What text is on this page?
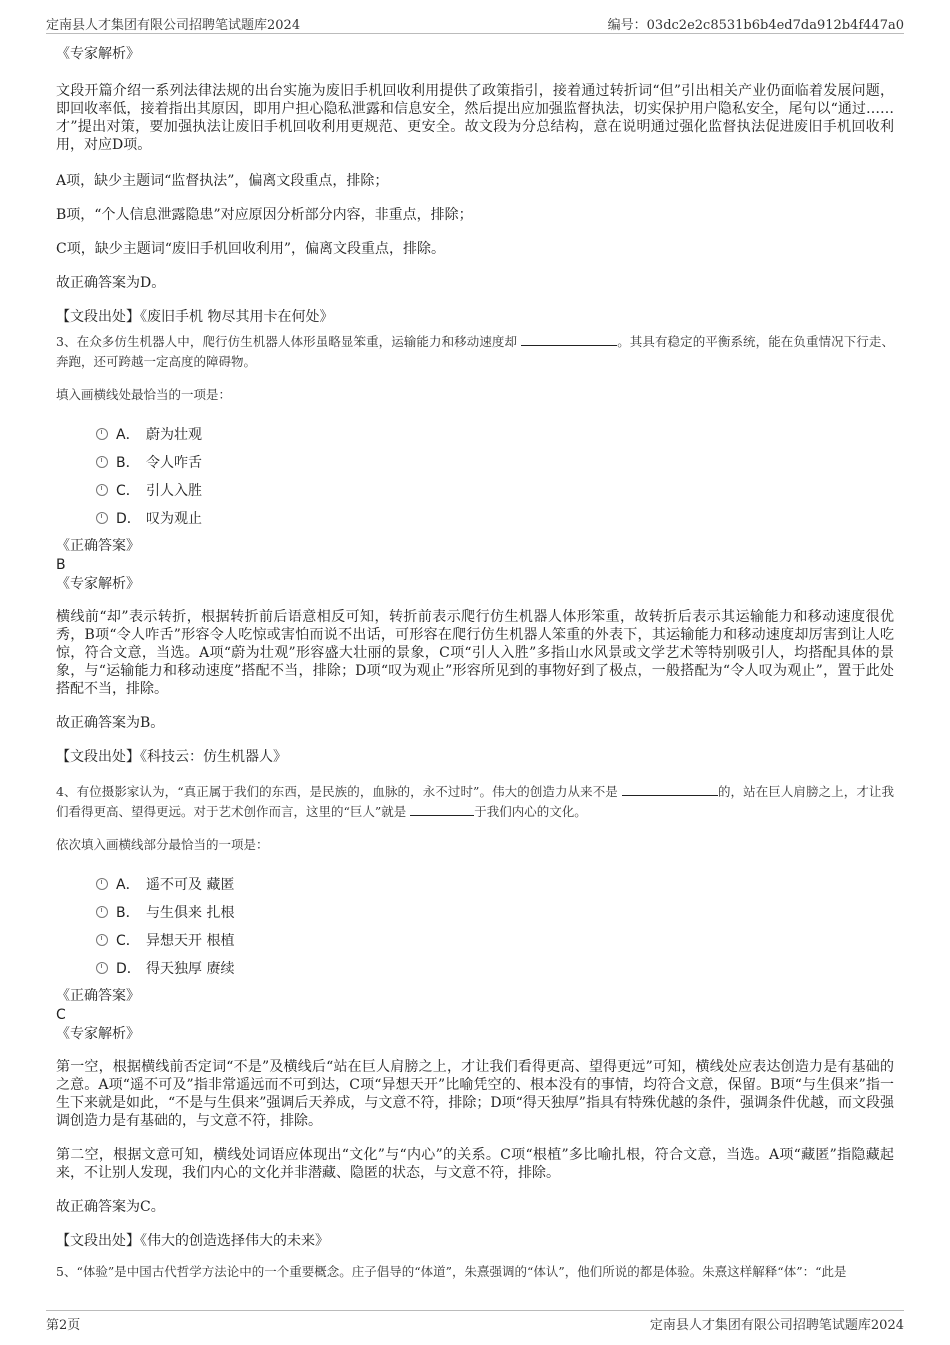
定南县人才集团有限公司招聘笔试题库2024	编号：03dc2e2c8531b6b4ed7da912b4f447a0

《专家解析》

文段开篇介绍一系列法律法规的出台实施为废旧手机回收利用提供了政策指引，接着通过转折词“但”引出相关产业仍面临着发展问题，即回收率低，接着指出其原因，即用户担心隐私泄露和信息安全，然后提出应加强监督执法，切实保护用户隐私安全，尾句以“通过……才”提出对策，要加强执法让废旧手机回收利用更规范、更安全。故文段为分总结构，意在说明通过强化监督执法促进废旧手机回收利用，对应D项。

A项，缺少主题词“监督执法”，偏离文段重点，排除；

B项，“个人信息泄露隐患”对应原因分析部分内容，非重点，排除；

C项，缺少主题词“废旧手机回收利用”，偏离文段重点，排除。

故正确答案为D。

【文段出处】《废旧手机 物尽其用卡在何处》

3、在众多仿生机器人中，爬行仿生机器人体形虽略显笨重，运输能力和移动速度却	。其具有稳定的平衡系统，能在负重情况下行走、奔跑，还可跨越一定高度的障碍物。

填入画横线处最恰当的一项是：

A． 蔚为壮观
B． 令人咋舌
C． 引人入胜
D． 叹为观止

《正确答案》

B

《专家解析》

横线前“却”表示转折，根据转折前后语意相反可知，转折前表示爬行仿生机器人体形笨重，故转折后表示其运输能力和移动速度很优秀，B项“令人咋舌”形容令人吃惊或害怕而说不出话，可形容在爬行仿生机器人笨重的外表下，其运输能力和移动速度却厉害到让人吃惊，符合文意，当选。A项“蔚为壮观”形容盛大壮丽的景象，C项“引人入胜”多指山水风景或文学艺术等特别吸引人，均搭配具体的景象，与“运输能力和移动速度”搭配不当，排除；D项“叹为观止”形容所见到的事物好到了极点，一般搭配为“令人叹为观止”，置于此处搭配不当，排除。

故正确答案为B。

【文段出处】《科技云：仿生机器人》

4、有位摄影家认为，“真正属于我们的东西，是民族的，血脉的，永不过时”。伟大的创造力从来不是	的，站在巨人肩膀之上，才让我们看得更高、望得更远。对于艺术创作而言，这里的“巨人”就是	于我们内心的文化。

依次填入画横线部分最恰当的一项是：

A． 遥不可及 藏匿
B． 与生俱来 扎根
C． 异想天开 根植
D． 得天独厚 赓续

《正确答案》

C

《专家解析》

第一空，根据横线前否定词“不是”及横线后“站在巨人肩膀之上，才让我们看得更高、望得更远”可知，横线处应表达创造力是有基础的之意。A项“遥不可及”指非常遥远而不可到达，C项“异想天开”比喻凭空的、根本没有的事情，均符合文意，保留。B项“与生俱来”指一生下来就是如此，“不是与生俱来”强调后天养成，与文意不符，排除；D项“得天独厚”指具有特殊优越的条件，强调条件优越，而文段强调创造力是有基础的，与文意不符，排除。

第二空，根据文意可知，横线处词语应体现出“文化”与“内心”的关系。C项“根植”多比喻扎根，符合文意，当选。A项“藏匿”指隐藏起来，不让别人发现，我们内心的文化并非潜藏、隐匿的状态，与文意不符，排除。

故正确答案为C。

【文段出处】《伟大的创造选择伟大的未来》

5、“体验”是中国古代哲学方法论中的一个重要概念。庄子倡导的“体道”，朱熹强调的“体认”，他们所说的都是体验。朱熹这样解释“体”：“此是

第2页	定南县人才集团有限公司招聘笔试题库2024
